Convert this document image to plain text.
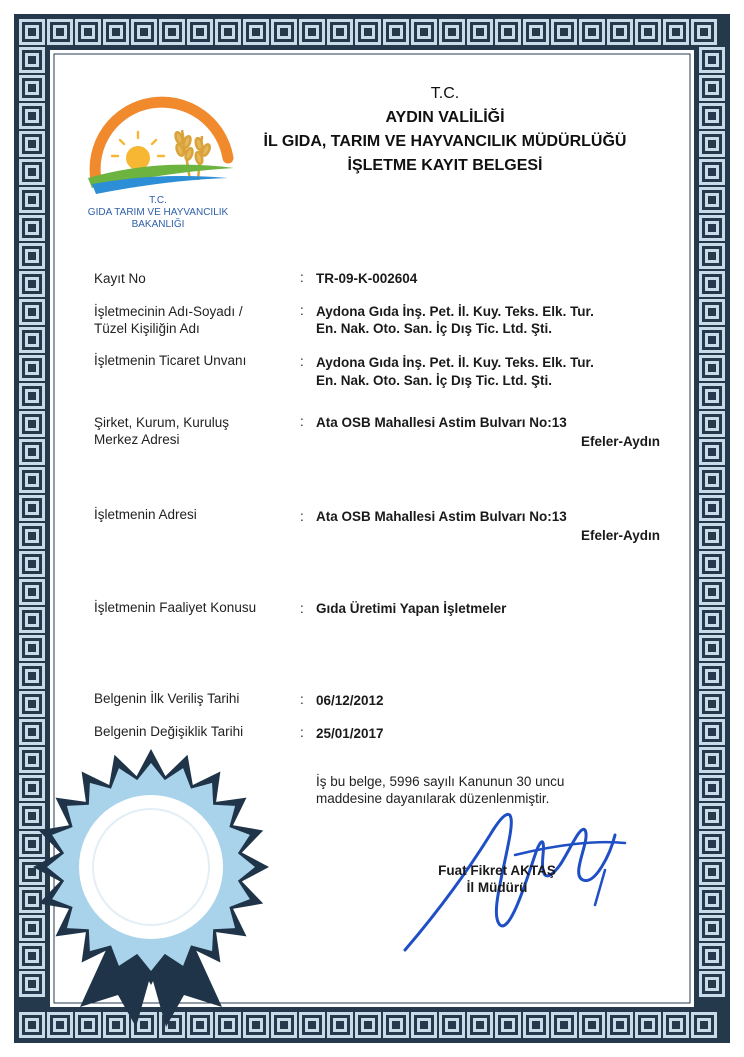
T.C.
GIDA TARIM VE HAYVANCILIK
BAKANLIĞI
T.C.
AYDIN VALİLİĞİ
İL GIDA, TARIM VE HAYVANCILIK MÜDÜRLÜĞÜ
İŞLETME KAYIT BELGESİ
Kayıt No	: TR-09-K-002604
İşletmecinin Adı-Soyadı /
Tüzel Kişiliğin Adı
: Aydona Gıda İnş. Pet. İl. Kuy. Teks. Elk. Tur.
En. Nak. Oto. San. İç Dış Tic. Ltd. Şti.
İşletmenin Ticaret Unvanı	: Aydona Gıda İnş. Pet. İl. Kuy. Teks. Elk. Tur.
En. Nak. Oto. San. İç Dış Tic. Ltd. Şti.
Şirket, Kurum, Kuruluş
Merkez Adresi
: Ata OSB Mahallesi Astim Bulvarı No:13
Efeler-Aydın
İşletmenin Adresi	: Ata OSB Mahallesi Astim Bulvarı No:13
Efeler-Aydın
İşletmenin Faaliyet Konusu	: Gıda Üretimi Yapan İşletmeler
Belgenin İlk Veriliş Tarihi	: 06/12/2012
Belgenin Değişiklik Tarihi	: 25/01/2017
İş bu belge, 5996 sayılı Kanunun 30 uncu
maddesine dayanılarak düzenlenmiştir.
Fuat Fikret AKTAŞ
İl Müdürü
